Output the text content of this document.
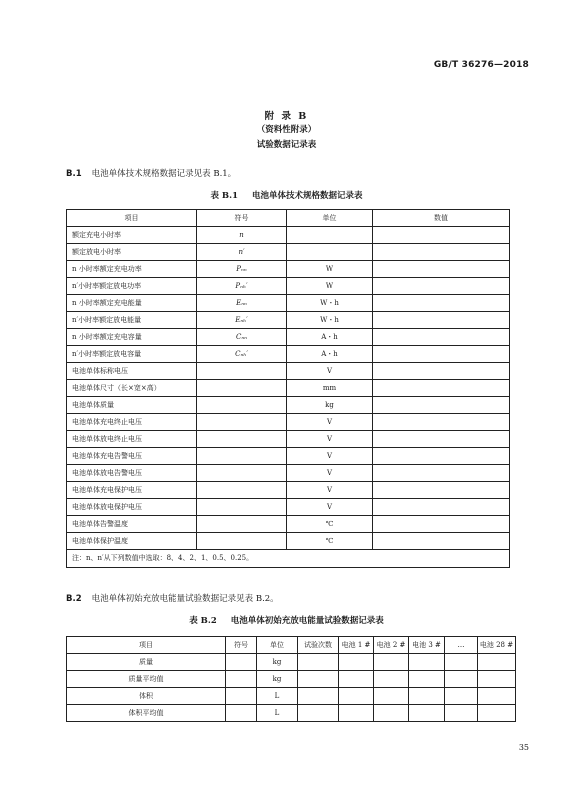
GB/T 36276—2018
附 录 B
（资料性附录）
试验数据记录表
B.1 电池单体技术规格数据记录见表 B.1。
表 B.1 电池单体技术规格数据记录表
项目	符号	单位	数值
额定充电小时率	n		
额定放电小时率	n′		
n 小时率额定充电功率	Pₙₙ	W	
n′小时率额定放电功率	Pₙₕ′	W	
n 小时率额定充电能量	Eₙₙ	W・h	
n′小时率额定放电能量	Eₙₕ′	W・h	
n 小时率额定充电容量	Cₙₙ	A・h	
n′小时率额定放电容量	Cₙₕ′	A・h	
电池单体标称电压		V	
电池单体尺寸（长×宽×高）		mm	
电池单体质量		kg	
电池单体充电终止电压		V	
电池单体放电终止电压		V	
电池单体充电告警电压		V	
电池单体放电告警电压		V	
电池单体充电保护电压		V	
电池单体放电保护电压		V	
电池单体告警温度		℃	
电池单体保护温度		℃	
注：n、n′从下列数值中选取：8、4、2、1、0.5、0.25。			
B.2 电池单体初始充放电能量试验数据记录见表 B.2。
表 B.2 电池单体初始充放电能量试验数据记录表
项目	符号	单位	试验次数	电池 1 #	电池 2 #	电池 3 #	…	电池 28 #
质量		kg						
质量平均值		kg						
体积		L						
体积平均值		L						
35
